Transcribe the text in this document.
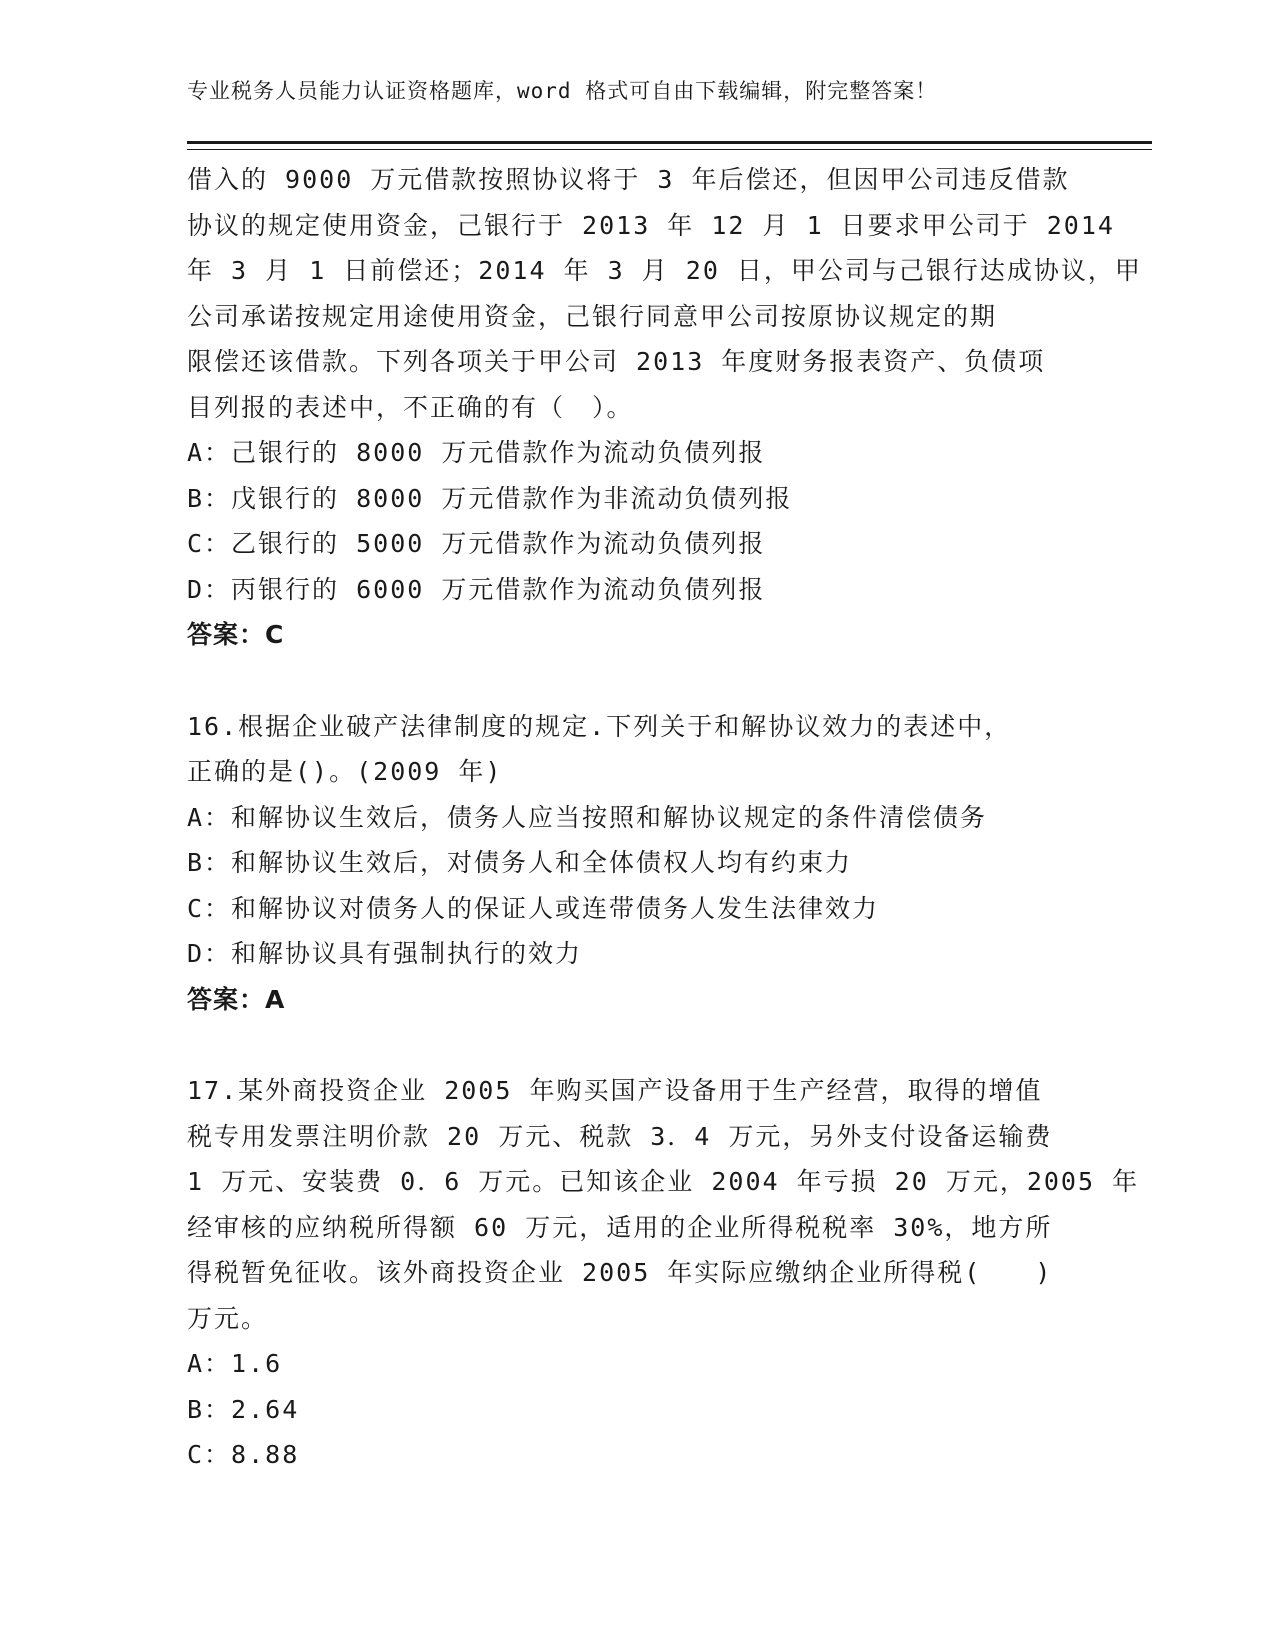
专业税务人员能力认证资格题库，word 格式可自由下载编辑，附完整答案！
借入的 9000 万元借款按照协议将于 3 年后偿还，但因甲公司违反借款
协议的规定使用资金，己银行于 2013 年 12 月 1 日要求甲公司于 2014
年 3 月 1 日前偿还；2014 年 3 月 20 日，甲公司与己银行达成协议，甲
公司承诺按规定用途使用资金，己银行同意甲公司按原协议规定的期
限偿还该借款。下列各项关于甲公司 2013 年度财务报表资产、负债项
目列报的表述中，不正确的有（　）。
A：己银行的 8000 万元借款作为流动负债列报
B：戊银行的 8000 万元借款作为非流动负债列报
C：乙银行的 5000 万元借款作为流动负债列报
D：丙银行的 6000 万元借款作为流动负债列报
答案：C
16.根据企业破产法律制度的规定.下列关于和解协议效力的表述中，
正确的是()。(2009 年)
A：和解协议生效后，债务人应当按照和解协议规定的条件清偿债务
B：和解协议生效后，对债务人和全体债权人均有约束力
C：和解协议对债务人的保证人或连带债务人发生法律效力
D：和解协议具有强制执行的效力
答案：A
17.某外商投资企业 2005 年购买国产设备用于生产经营，取得的增值
税专用发票注明价款 20 万元、税款 3．4 万元，另外支付设备运输费
1 万元、安装费 0．6 万元。已知该企业 2004 年亏损 20 万元，2005 年
经审核的应纳税所得额 60 万元，适用的企业所得税税率 30%，地方所
得税暂免征收。该外商投资企业 2005 年实际应缴纳企业所得税(　　)
万元。
A：1.6
B：2.64
C：8.88
